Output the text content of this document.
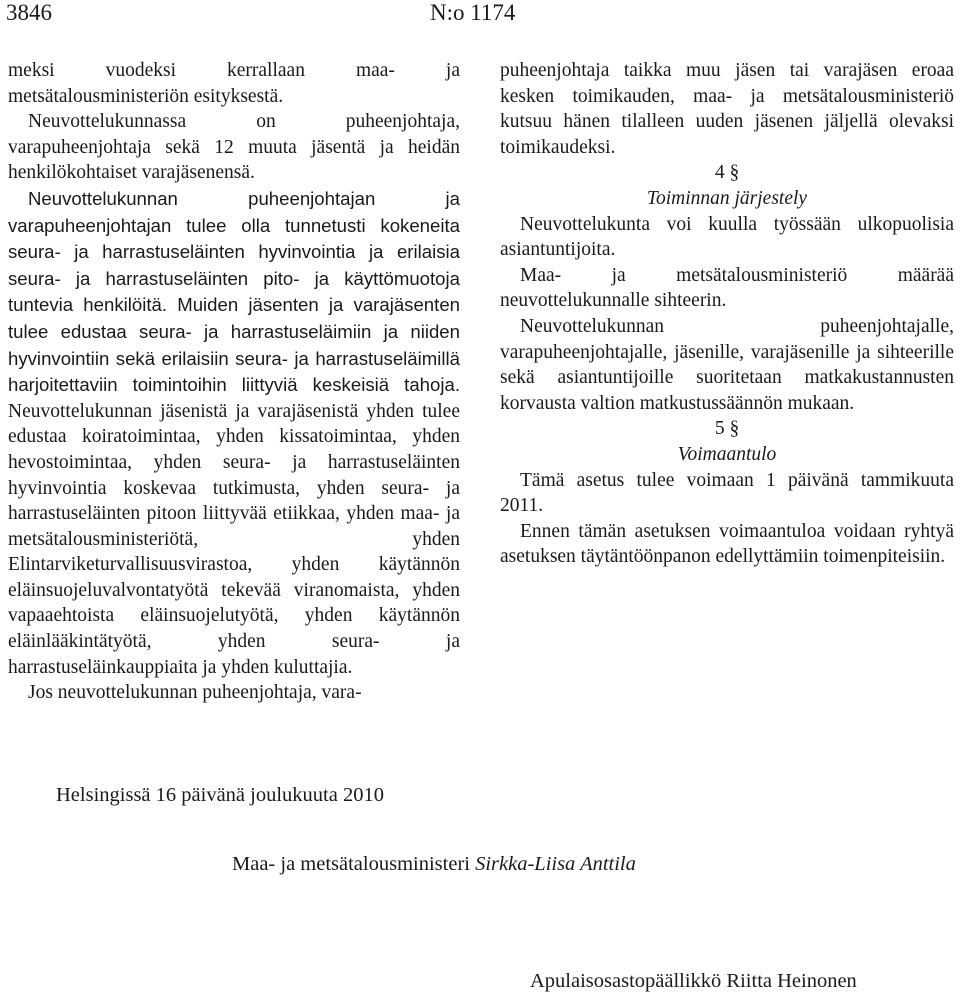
3846	N:o 1174

meksi vuodeksi kerrallaan maa- ja metsätalousministeriön esityksestä.

Neuvottelukunnassa on puheenjohtaja, varapuheenjohtaja sekä 12 muuta jäsentä ja heidän henkilökohtaiset varajäsenensä.

Neuvottelukunnan puheenjohtajan ja varapuheenjohtajan tulee olla tunnetusti kokeneita seura- ja harrastuseläinten hyvinvointia ja erilaisia seura- ja harrastuseläinten pito- ja käyttömuotoja tuntevia henkilöitä. Muiden jäsenten ja varajäsenten tulee edustaa seura- ja harrastuseläimiin ja niiden hyvinvointiin sekä erilaisiin seura- ja harrastuseläimillä harjoitettaviin toimintoihin liittyviä keskeisiä tahoja. Neuvottelukunnan jäsenistä ja varajäsenistä yhden tulee edustaa koiratoimintaa, yhden kissatoimintaa, yhden hevostoimintaa, yhden seura- ja harrastuseläinten hyvinvointia koskevaa tutkimusta, yhden seura- ja harrastuseläinten pitoon liittyvää etiikkaa, yhden maa- ja metsätalousministeriötä, yhden Elintarviketurvallisuusvirastoa, yhden käytännön eläinsuojeluvalvontatyötä tekevää viranomaista, yhden vapaaehtoista eläinsuojelutyötä, yhden käytännön eläinlääkintätyötä, yhden seura- ja harrastuseläinkauppiaita ja yhden kuluttajia.

Jos neuvottelukunnan puheenjohtaja, vara-

puheenjohtaja taikka muu jäsen tai varajäsen eroaa kesken toimikauden, maa- ja metsätalousministeriö kutsuu hänen tilalleen uuden jäsenen jäljellä olevaksi toimikaudeksi.

4 §

Toiminnan järjestely

Neuvottelukunta voi kuulla työssään ulkopuolisia asiantuntijoita.

Maa- ja metsätalousministeriö määrää neuvottelukunnalle sihteerin.

Neuvottelukunnan puheenjohtajalle, varapuheenjohtajalle, jäsenille, varajäsenille ja sihteerille sekä asiantuntijoille suoritetaan matkakustannusten korvausta valtion matkustussäännön mukaan.

5 §

Voimaantulo

Tämä asetus tulee voimaan 1 päivänä tammikuuta 2011.

Ennen tämän asetuksen voimaantuloa voidaan ryhtyä asetuksen täytäntöönpanon edellyttämiin toimenpiteisiin.

Helsingissä 16 päivänä joulukuuta 2010
Maa- ja metsätalousministeri Sirkka-Liisa Anttila
Apulaisosastopäällikkö Riitta Heinonen
